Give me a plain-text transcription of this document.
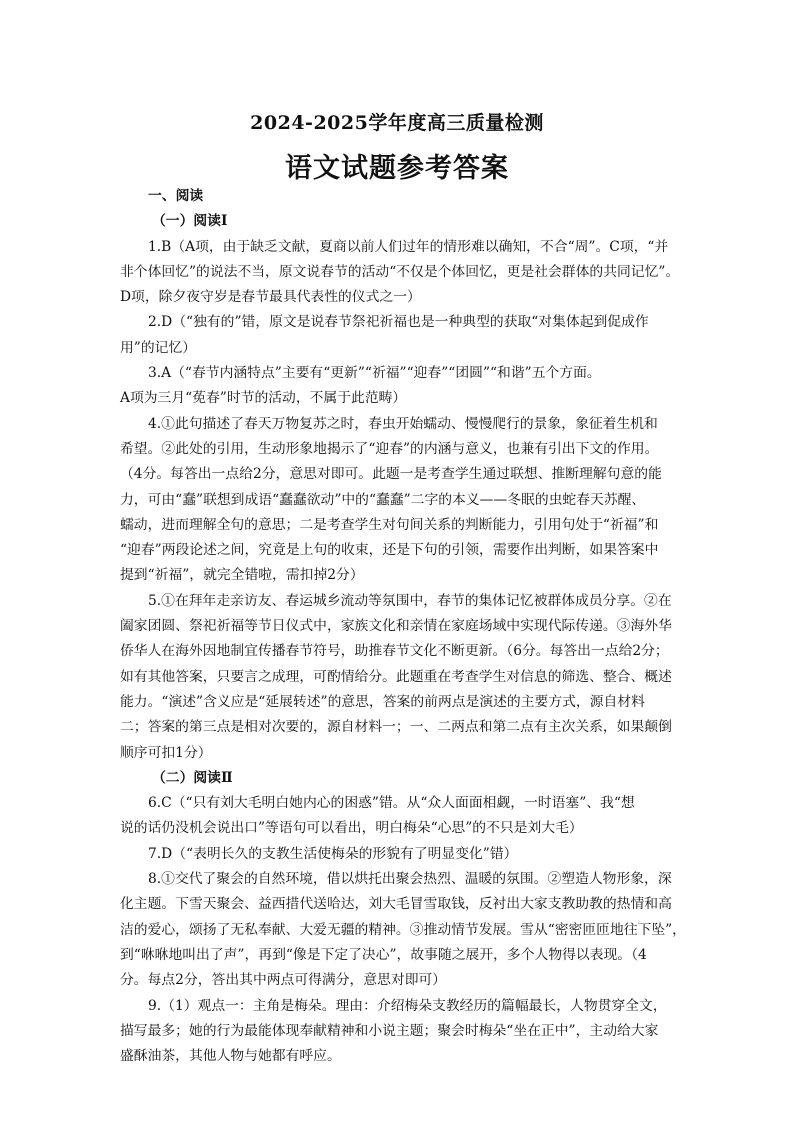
2024-2025学年度高三质量检测
语文试题参考答案
一、阅读
（一）阅读Ⅰ
1.B（A项，由于缺乏文献，夏商以前人们过年的情形难以确知，不合“周”。C项，“并
非个体回忆”的说法不当，原文说春节的活动“不仅是个体回忆，更是社会群体的共同记忆”。
D项，除夕夜守岁是春节最具代表性的仪式之一）
2.D（“独有的”错，原文是说春节祭祀祈福也是一种典型的获取“对集体起到促成作
用”的记忆）
3.A（“春节内涵特点”主要有“更新”“祈福”“迎春”“团圆”“和谐”五个方面。
A项为三月“莬春”时节的活动，不属于此范畴）
4.①此句描述了春天万物复苏之时，春虫开始蠕动、慢慢爬行的景象，象征着生机和
希望。②此处的引用，生动形象地揭示了“迎春”的内涵与意义，也兼有引出下文的作用。
（4分。每答出一点给2分，意思对即可。此题一是考查学生通过联想、推断理解句意的能
力，可由“蠢”联想到成语“蠢蠢欲动”中的“蠢蠢”二字的本义——冬眠的虫蛇春天苏醒、
蠕动，进而理解全句的意思；二是考查学生对句间关系的判断能力，引用句处于“祈福”和
“迎春”两段论述之间，究竟是上句的收束，还是下句的引领，需要作出判断，如果答案中
提到“祈福”，就完全错啦，需扣掉2分）
5.①在拜年走亲访友、春运城乡流动等氛围中，春节的集体记忆被群体成员分享。②在
阖家团圆、祭祀祈福等节日仪式中，家族文化和亲情在家庭场域中实现代际传递。③海外华
侨华人在海外因地制宜传播春节符号，助推春节文化不断更新。（6分。每答出一点给2分；
如有其他答案，只要言之成理，可酌情给分。此题重在考查学生对信息的筛选、整合、概述
能力。“演述”含义应是“延展转述”的意思，答案的前两点是演述的主要方式，源自材料
二；答案的第三点是相对次要的，源自材料一；一、二两点和第二点有主次关系，如果颠倒
顺序可扣1分）
（二）阅读Ⅱ
6.C（“只有刘大毛明白她内心的困惑”错。从“众人面面相觑，一时语塞”、我“想
说的话仍没机会说出口”等语句可以看出，明白梅朵“心思”的不只是刘大毛）
7.D（“表明长久的支教生活使梅朵的形貌有了明显变化”错）
8.①交代了聚会的自然环境，借以烘托出聚会热烈、温暖的氛围。②塑造人物形象，深
化主题。下雪天聚会、益西措代送哈达，刘大毛冒雪取钱，反衬出大家支教助教的热情和高
洁的爱心，颂扬了无私奉献、大爱无疆的精神。③推动情节发展。雪从“密密匝匝地往下坠”，
到“咻咻地叫出了声”，再到“像是下定了决心”，故事随之展开，多个人物得以表现。（4
分。每点2分，答出其中两点可得满分，意思对即可）
9.（1）观点一：主角是梅朵。理由：介绍梅朵支教经历的篇幅最长，人物贯穿全文，
描写最多；她的行为最能体现奉献精神和小说主题；聚会时梅朵“坐在正中”，主动给大家
盛酥油茶，其他人物与她都有呼应。
